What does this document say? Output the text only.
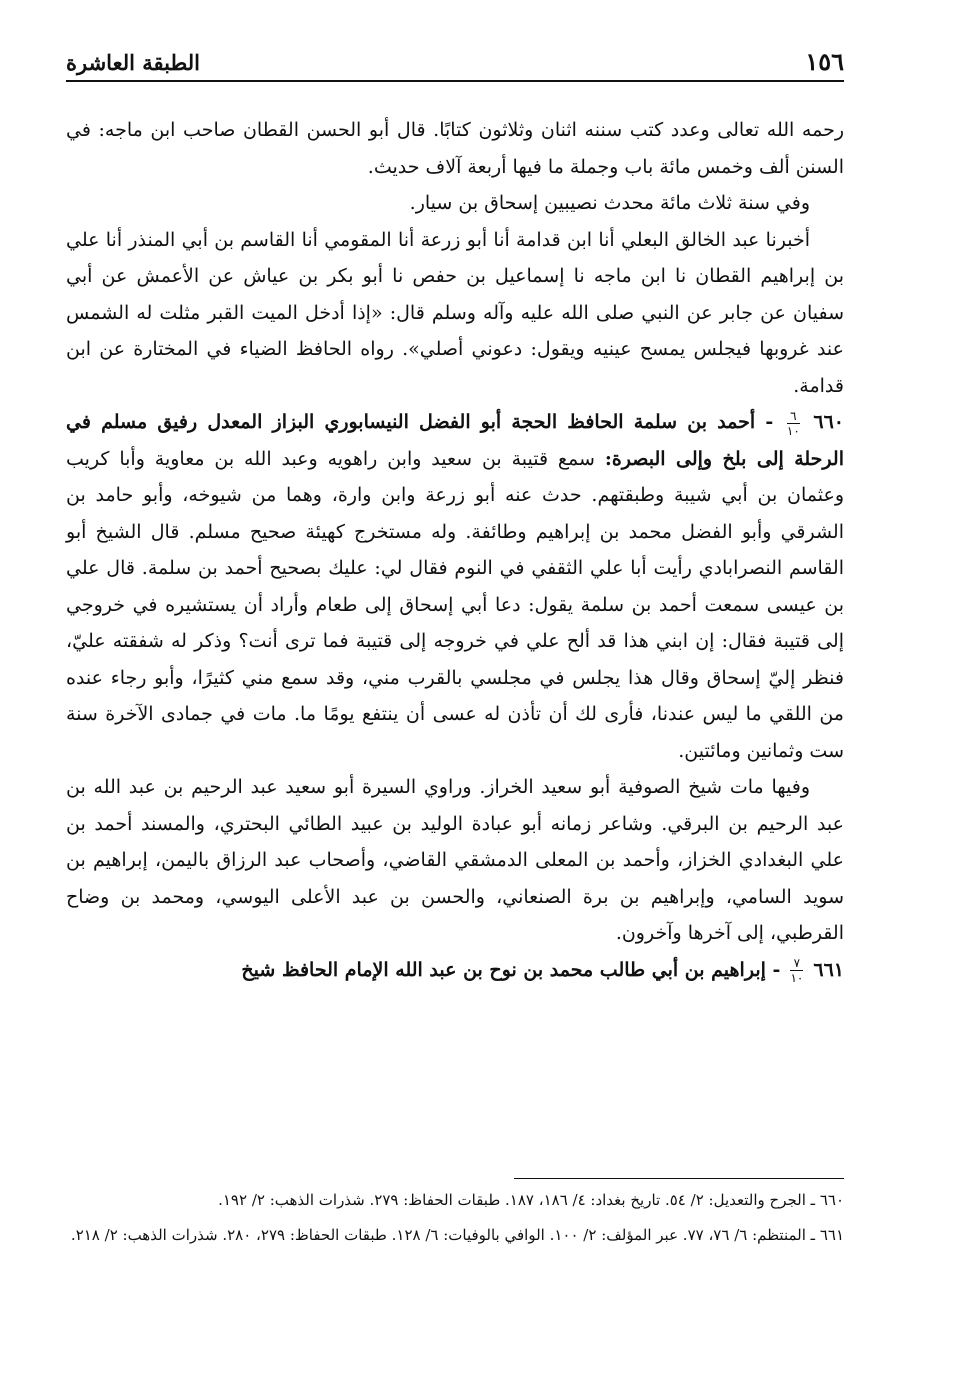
١٥٦
الطبقة العاشرة

رحمه الله تعالى وعدد كتب سننه اثنان وثلاثون كتابًا. قال أبو الحسن القطان صاحب ابن ماجه: في السنن ألف وخمس مائة باب وجملة ما فيها أربعة آلاف حديث.

وفي سنة ثلاث مائة محدث نصيبين إسحاق بن سيار.

أخبرنا عبد الخالق البعلي أنا ابن قدامة أنا أبو زرعة أنا المقومي أنا القاسم بن أبي المنذر أنا علي بن إبراهيم القطان نا ابن ماجه نا إسماعيل بن حفص نا أبو بكر بن عياش عن الأعمش عن أبي سفيان عن جابر عن النبي صلى الله عليه وآله وسلم قال: «إذا أدخل الميت القبر مثلت له الشمس عند غروبها فيجلس يمسح عينيه ويقول: دعوني أصلي». رواه الحافظ الضياء في المختارة عن ابن قدامة.

٦٦٠
$\frac{٦}{١٠}$
- أحمد بن سلمة الحافظ الحجة أبو الفضل النيسابوري البزاز المعدل رفيق مسلم في الرحلة إلى بلخ وإلى البصرة: سمع قتيبة بن سعيد وابن راهويه وعبد الله بن معاوية وأبا كريب وعثمان بن أبي شيبة وطبقتهم. حدث عنه أبو زرعة وابن وارة، وهما من شيوخه، وأبو حامد بن الشرقي وأبو الفضل محمد بن إبراهيم وطائفة. وله مستخرج كهيئة صحيح مسلم. قال الشيخ أبو القاسم النصرابادي رأيت أبا علي الثقفي في النوم فقال لي: عليك بصحيح أحمد بن سلمة. قال علي بن عيسى سمعت أحمد بن سلمة يقول: دعا أبي إسحاق إلى طعام وأراد أن يستشيره في خروجي إلى قتيبة فقال: إن ابني هذا قد ألح علي في خروجه إلى قتيبة فما ترى أنت؟ وذكر له شفقته عليّ، فنظر إليّ إسحاق وقال هذا يجلس في مجلسي بالقرب مني، وقد سمع مني كثيرًا، وأبو رجاء عنده من اللقي ما ليس عندنا، فأرى لك أن تأذن له عسى أن ينتفع يومًا ما. مات في جمادى الآخرة سنة ست وثمانين ومائتين.

وفيها مات شيخ الصوفية أبو سعيد الخراز. وراوي السيرة أبو سعيد عبد الرحيم بن عبد الله بن عبد الرحيم بن البرقي. وشاعر زمانه أبو عبادة الوليد بن عبيد الطائي البحتري، والمسند أحمد بن علي البغدادي الخزاز، وأحمد بن المعلى الدمشقي القاضي، وأصحاب عبد الرزاق باليمن، إبراهيم بن سويد السامي، وإبراهيم بن برة الصنعاني، والحسن بن عبد الأعلى اليوسي، ومحمد بن وضاح القرطبي، إلى آخرها وآخرون.

٦٦١
$\frac{٧}{١٠}$
- إبراهيم بن أبي طالب محمد بن نوح بن عبد الله الإمام الحافظ شيخ

٦٦٠ ـ الجرح والتعديل: ٢/ ٥٤. تاريخ بغداد: ٤/ ١٨٦، ١٨٧. طبقات الحفاظ: ٢٧٩. شذرات الذهب: ٢/ ١٩٢.

٦٦١ ـ المنتظم: ٦/ ٧٦، ٧٧. عبر المؤلف: ٢/ ١٠٠. الوافي بالوفيات: ٦/ ١٢٨. طبقات الحفاظ: ٢٧٩، ٢٨٠. شذرات الذهب: ٢/ ٢١٨.
